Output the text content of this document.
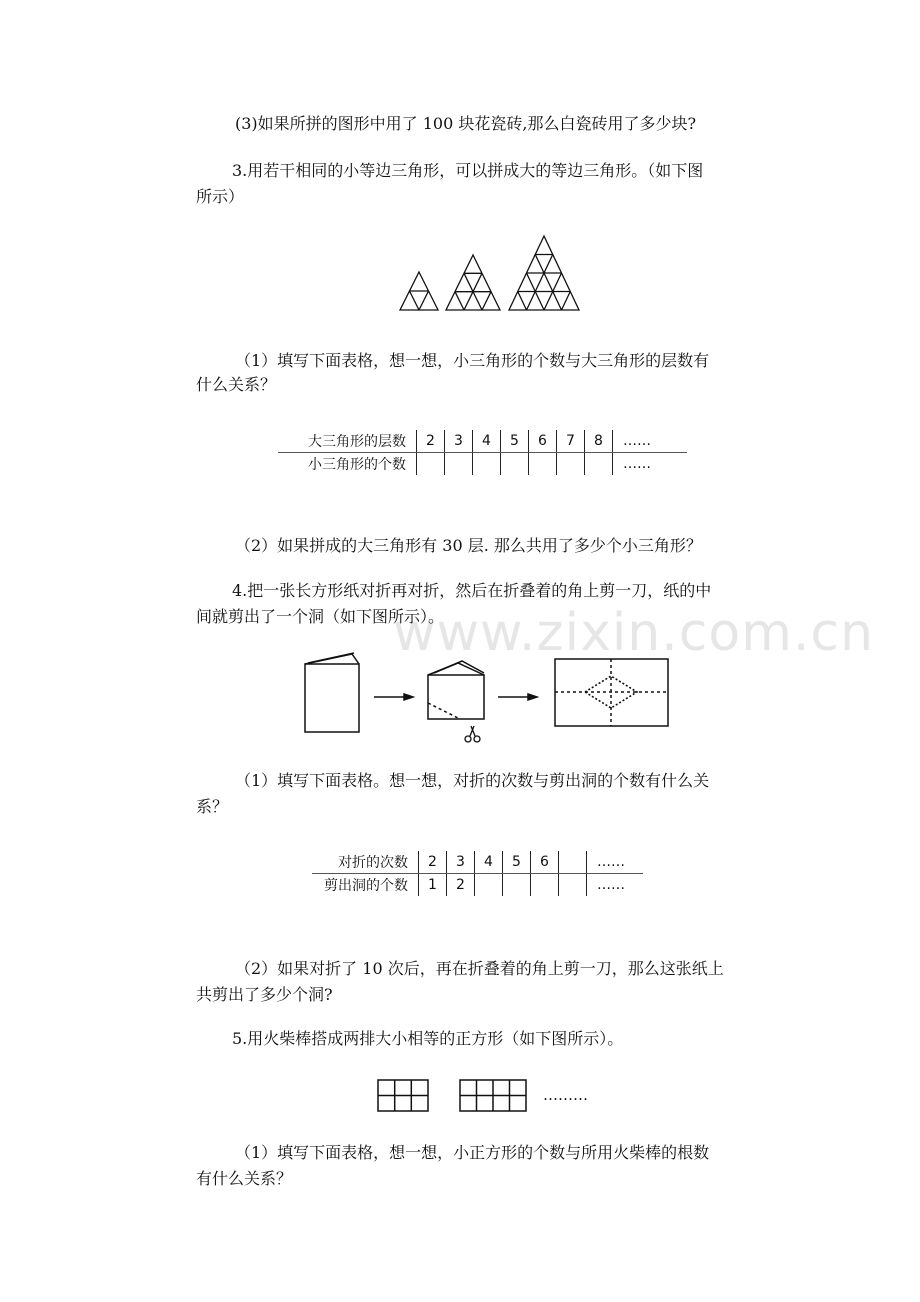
www.zixin.com.cn

(3)如果所拼的图形中用了 100 块花瓷砖,那么白瓷砖用了多少块?

3.用若干相同的小等边三角形，可以拼成大的等边三角形。（如下图

所示）

（1）填写下面表格，想一想，小三角形的个数与大三角形的层数有

什么关系？

大三角形的层数	2	3	4	5	6	7	8	……
小三角形的个数								……

（2）如果拼成的大三角形有 30 层. 那么共用了多少个小三角形？

4.把一张长方形纸对折再对折，然后在折叠着的角上剪一刀，纸的中

间就剪出了一个洞（如下图所示）。

（1）填写下面表格。想一想，对折的次数与剪出洞的个数有什么关

系？

对折的次数	2	3	4	5	6		……
剪出洞的个数	1	2					……

（2）如果对折了 10 次后，再在折叠着的角上剪一刀，那么这张纸上

共剪出了多少个洞?

5.用火柴棒搭成两排大小相等的正方形（如下图所示）。

………

（1）填写下面表格，想一想，小正方形的个数与所用火柴棒的根数

有什么关系？
